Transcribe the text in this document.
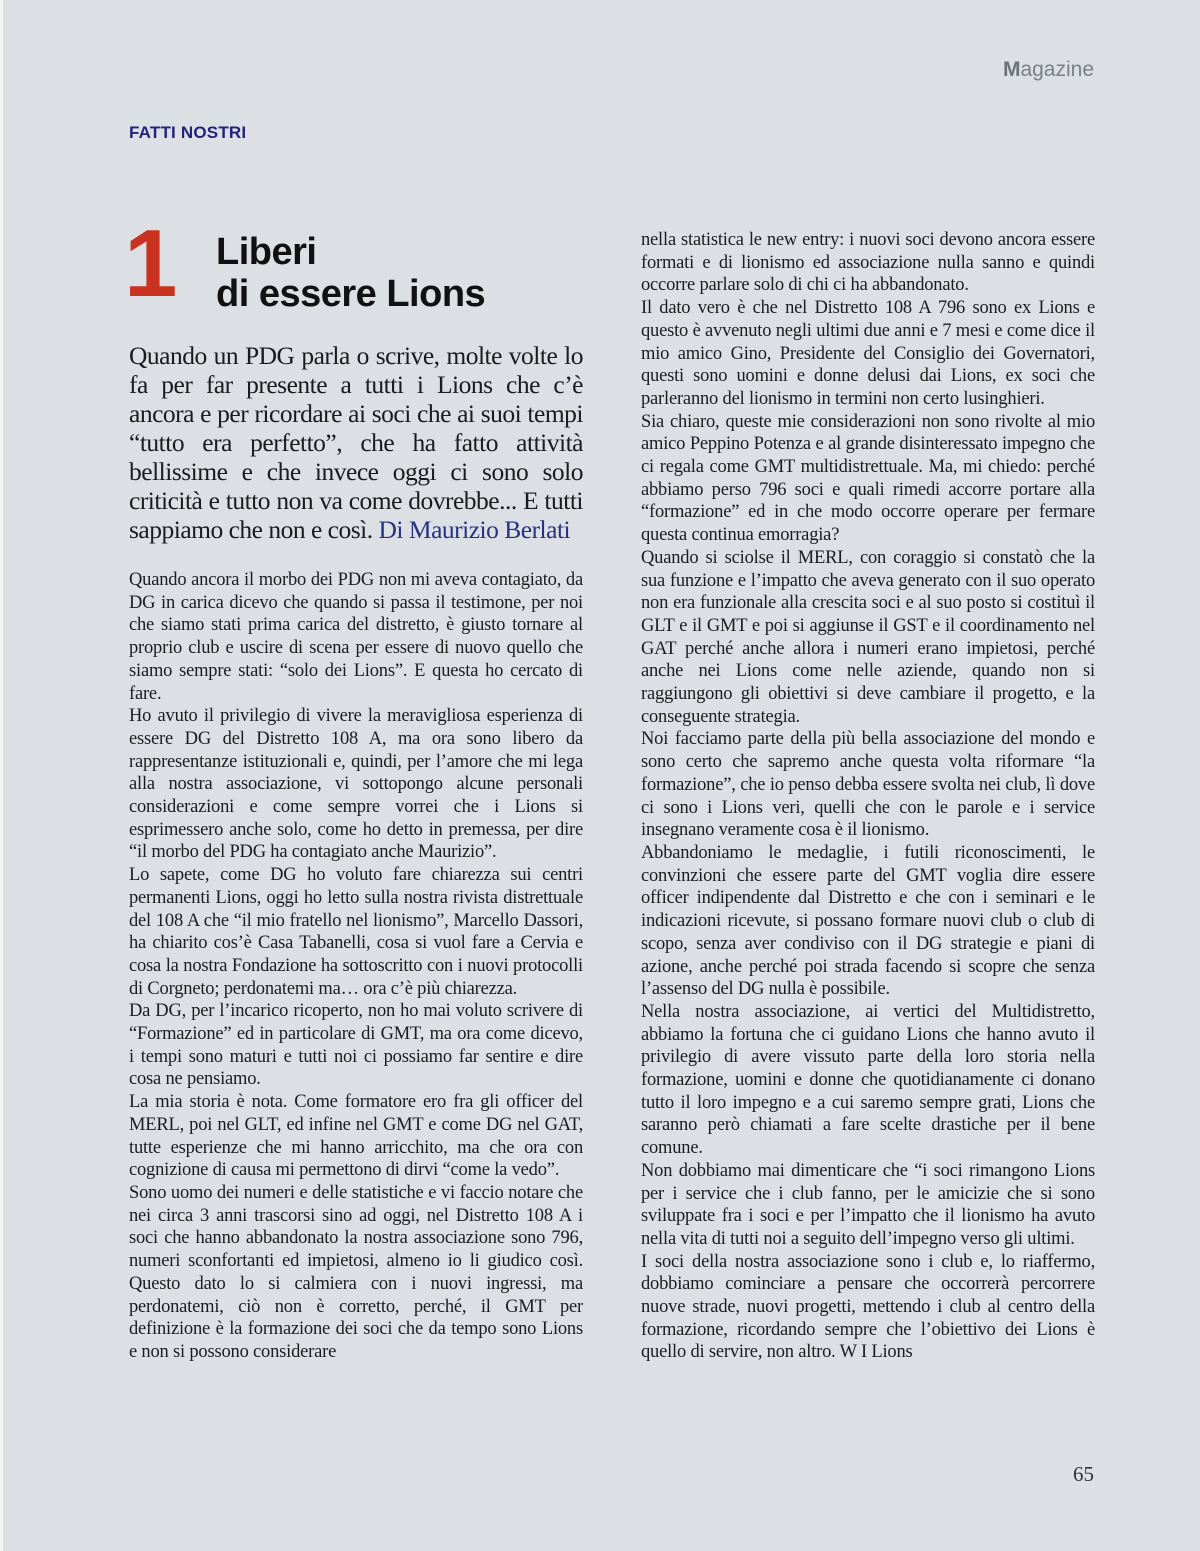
Magazine
FATTI NOSTRI
1 Liberi
di essere Lions
Quando un PDG parla o scrive, molte volte lo fa per far presente a tutti i Lions che c’è ancora e per ricordare ai soci che ai suoi tempi “tutto era perfetto”, che ha fatto attività bellissime e che invece oggi ci sono solo criticità e tutto non va come dovrebbe... E tutti sappiamo che non e così. Di Maurizio Berlati

Quando ancora il morbo dei PDG non mi aveva contagiato, da DG in carica dicevo che quando si passa il testimone, per noi che siamo stati prima carica del distretto, è giusto tornare al proprio club e uscire di scena per essere di nuovo quello che siamo sempre stati: “solo dei Lions”. E questa ho cercato di fare.

Ho avuto il privilegio di vivere la meravigliosa esperienza di essere DG del Distretto 108 A, ma ora sono libero da rappresentanze istituzionali e, quindi, per l’amore che mi lega alla nostra associazione, vi sottopongo alcune personali considerazioni e come sempre vorrei che i Lions si esprimessero anche solo, come ho detto in premessa, per dire “il morbo del PDG ha contagiato anche Maurizio”.

Lo sapete, come DG ho voluto fare chiarezza sui centri permanenti Lions, oggi ho letto sulla nostra rivista distrettuale del 108 A che “il mio fratello nel lionismo”, Marcello Dassori, ha chiarito cos’è Casa Tabanelli, cosa si vuol fare a Cervia e cosa la nostra Fondazione ha sottoscritto con i nuovi protocolli di Corgneto; perdonatemi ma… ora c’è più chiarezza.

Da DG, per l’incarico ricoperto, non ho mai voluto scrivere di “Formazione” ed in particolare di GMT, ma ora come dicevo, i tempi sono maturi e tutti noi ci possiamo far sentire e dire cosa ne pensiamo.

La mia storia è nota. Come formatore ero fra gli officer del MERL, poi nel GLT, ed infine nel GMT e come DG nel GAT, tutte esperienze che mi hanno arricchito, ma che ora con cognizione di causa mi permettono di dirvi “come la vedo”.

Sono uomo dei numeri e delle statistiche e vi faccio notare che nei circa 3 anni trascorsi sino ad oggi, nel Distretto 108 A i soci che hanno abbandonato la nostra associazione sono 796, numeri sconfortanti ed impietosi, almeno io li giudico così. Questo dato lo si calmiera con i nuovi ingressi, ma perdonatemi, ciò non è corretto, perché, il GMT per definizione è la formazione dei soci che da tempo sono Lions e non si possono considerare

nella statistica le new entry: i nuovi soci devono ancora essere formati e di lionismo ed associazione nulla sanno e quindi occorre parlare solo di chi ci ha abbandonato.

Il dato vero è che nel Distretto 108 A 796 sono ex Lions e questo è avvenuto negli ultimi due anni e 7 mesi e come dice il mio amico Gino, Presidente del Consiglio dei Governatori, questi sono uomini e donne delusi dai Lions, ex soci che parleranno del lionismo in termini non certo lusinghieri.

Sia chiaro, queste mie considerazioni non sono rivolte al mio amico Peppino Potenza e al grande disinteressato impegno che ci regala come GMT multidistrettuale. Ma, mi chiedo: perché abbiamo perso 796 soci e quali rimedi accorre portare alla “formazione” ed in che modo occorre operare per fermare questa continua emorragia?

Quando si sciolse il MERL, con coraggio si constatò che la sua funzione e l’impatto che aveva generato con il suo operato non era funzionale alla crescita soci e al suo posto si costituì il GLT e il GMT e poi si aggiunse il GST e il coordinamento nel GAT perché anche allora i numeri erano impietosi, perché anche nei Lions come nelle aziende, quando non si raggiungono gli obiettivi si deve cambiare il progetto, e la conseguente strategia.

Noi facciamo parte della più bella associazione del mondo e sono certo che sapremo anche questa volta riformare “la formazione”, che io penso debba essere svolta nei club, lì dove ci sono i Lions veri, quelli che con le parole e i service insegnano veramente cosa è il lionismo.

Abbandoniamo le medaglie, i futili riconoscimenti, le convinzioni che essere parte del GMT voglia dire essere officer indipendente dal Distretto e che con i seminari e le indicazioni ricevute, si possano formare nuovi club o club di scopo, senza aver condiviso con il DG strategie e piani di azione, anche perché poi strada facendo si scopre che senza l’assenso del DG nulla è possibile.

Nella nostra associazione, ai vertici del Multidistretto, abbiamo la fortuna che ci guidano Lions che hanno avuto il privilegio di avere vissuto parte della loro storia nella formazione, uomini e donne che quotidianamente ci donano tutto il loro impegno e a cui saremo sempre grati, Lions che saranno però chiamati a fare scelte drastiche per il bene comune.

Non dobbiamo mai dimenticare che “i soci rimangono Lions per i service che i club fanno, per le amicizie che si sono sviluppate fra i soci e per l’impatto che il lionismo ha avuto nella vita di tutti noi a seguito dell’impegno verso gli ultimi.

I soci della nostra associazione sono i club e, lo riaffermo, dobbiamo cominciare a pensare che occorrerà percorrere nuove strade, nuovi progetti, mettendo i club al centro della formazione, ricordando sempre che l’obiettivo dei Lions è quello di servire, non altro. W I Lions

65
